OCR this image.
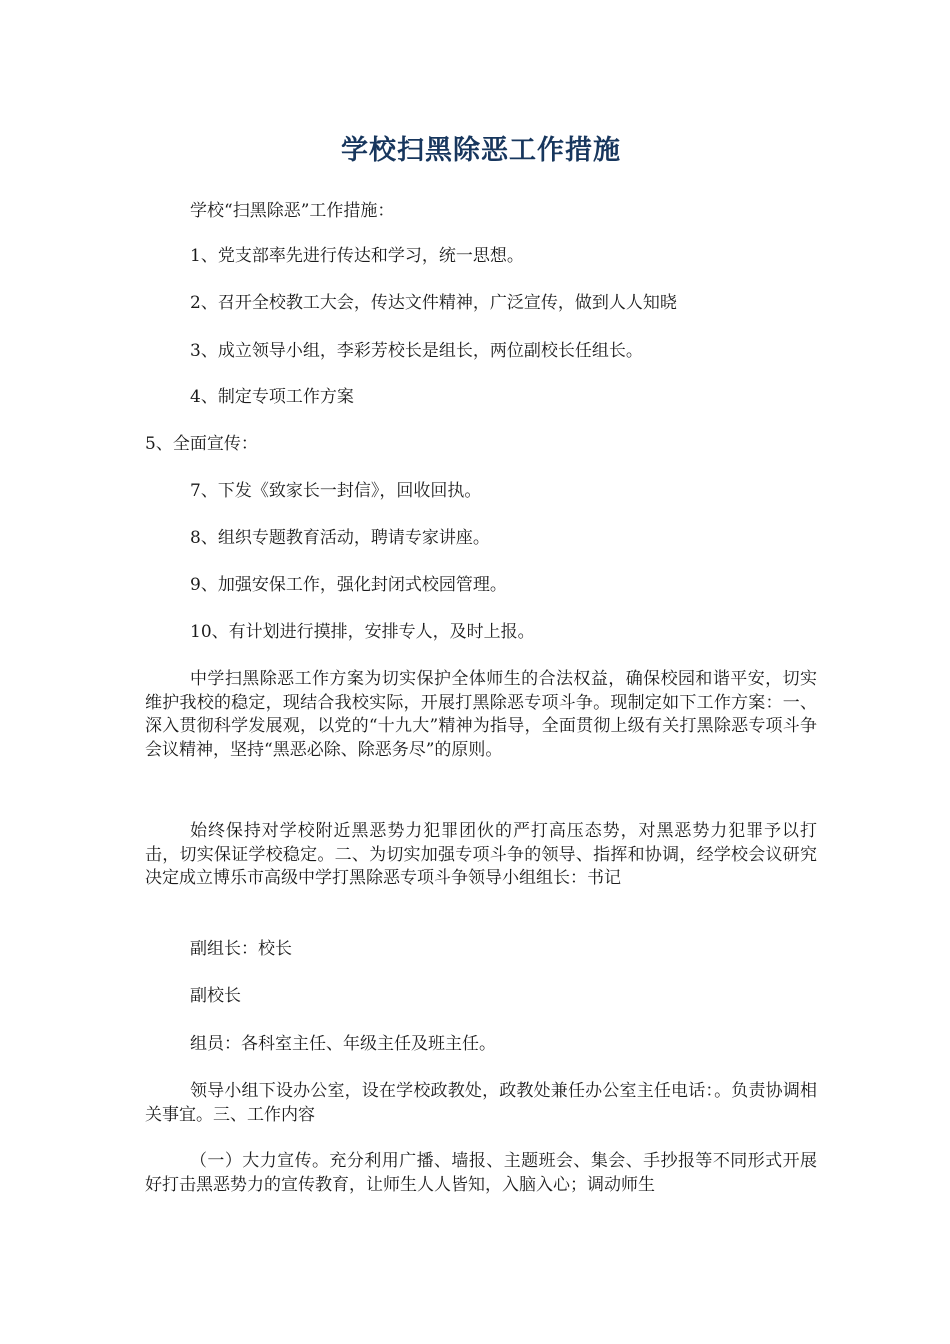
学校扫黑除恶工作措施

学校“扫黑除恶”工作措施：

1、党支部率先进行传达和学习，统一思想。

2、召开全校教工大会，传达文件精神，广泛宣传，做到人人知晓

3、成立领导小组，李彩芳校长是组长，两位副校长任组长。

4、制定专项工作方案

5、全面宣传：

7、下发《致家长一封信》，回收回执。

8、组织专题教育活动，聘请专家讲座。

9、加强安保工作，强化封闭式校园管理。

10、有计划进行摸排，安排专人，及时上报。

中学扫黑除恶工作方案为切实保护全体师生的合法权益，确保校园和谐平安，切实维护我校的稳定，现结合我校实际，开展打黑除恶专项斗争。现制定如下工作方案：一、深入贯彻科学发展观，以党的“十九大”精神为指导，全面贯彻上级有关打黑除恶专项斗争会议精神，坚持“黑恶必除、除恶务尽”的原则。

始终保持对学校附近黑恶势力犯罪团伙的严打高压态势，对黑恶势力犯罪予以打击，切实保证学校稳定。二、为切实加强专项斗争的领导、指挥和协调，经学校会议研究决定成立博乐市高级中学打黑除恶专项斗争领导小组组长：书记

副组长：校长

副校长

组员：各科室主任、年级主任及班主任。

领导小组下设办公室，设在学校政教处，政教处兼任办公室主任电话：。负责协调相关事宜。三、工作内容

（一）大力宣传。充分利用广播、墙报、主题班会、集会、手抄报等不同形式开展好打击黑恶势力的宣传教育，让师生人人皆知，入脑入心；调动师生
